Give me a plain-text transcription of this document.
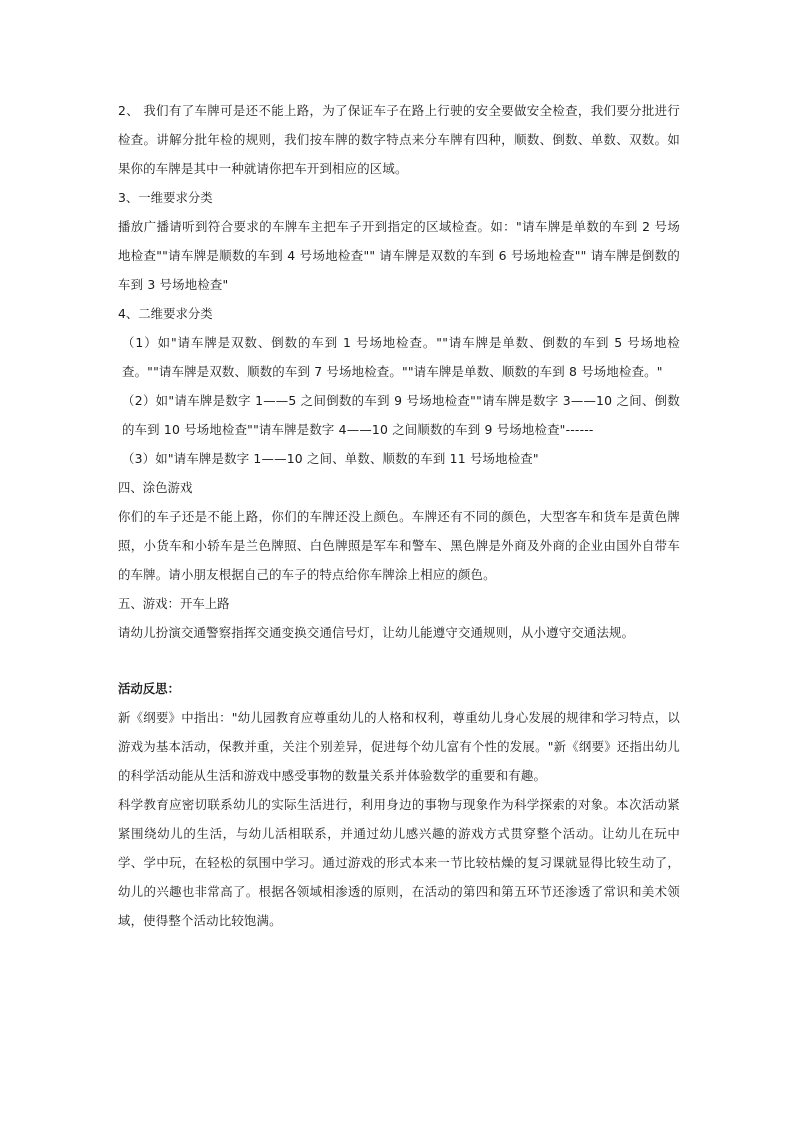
2、 我们有了车牌可是还不能上路，为了保证车子在路上行驶的安全要做安全检查，我们要分批进行检查。讲解分批年检的规则，我们按车牌的数字特点来分车牌有四种，顺数、倒数、单数、双数。如果你的车牌是其中一种就请你把车开到相应的区域。

3、一维要求分类

播放广播请听到符合要求的车牌车主把车子开到指定的区域检查。如："请车牌是单数的车到 2 号场地检查""请车牌是顺数的车到 4 号场地检查"" 请车牌是双数的车到 6 号场地检查"" 请车牌是倒数的车到 3 号场地检查"

4、二维要求分类

（1）如"请车牌是双数、倒数的车到 1 号场地检查。""请车牌是单数、倒数的车到 5 号场地检查。""请车牌是双数、顺数的车到 7 号场地检查。""请车牌是单数、顺数的车到 8 号场地检查。"

（2）如"请车牌是数字 1——5 之间倒数的车到 9 号场地检查""请车牌是数字 3——10 之间、倒数的车到 10 号场地检查""请车牌是数字 4——10 之间顺数的车到 9 号场地检查"------

（3）如"请车牌是数字 1——10 之间、单数、顺数的车到 11 号场地检查"

四、涂色游戏

你们的车子还是不能上路，你们的车牌还没上颜色。车牌还有不同的颜色，大型客车和货车是黄色牌照，小货车和小轿车是兰色牌照、白色牌照是军车和警车、黑色牌是外商及外商的企业由国外自带车的车牌。请小朋友根据自己的车子的特点给你车牌涂上相应的颜色。

五、游戏：开车上路

请幼儿扮演交通警察指挥交通变换交通信号灯，让幼儿能遵守交通规则，从小遵守交通法规。

活动反思：

新《纲要》中指出："幼儿园教育应尊重幼儿的人格和权利，尊重幼儿身心发展的规律和学习特点，以游戏为基本活动，保教并重，关注个别差异，促进每个幼儿富有个性的发展。"新《纲要》还指出幼儿的科学活动能从生活和游戏中感受事物的数量关系并体验数学的重要和有趣。

科学教育应密切联系幼儿的实际生活进行，利用身边的事物与现象作为科学探索的对象。本次活动紧紧围绕幼儿的生活，与幼儿活相联系，并通过幼儿感兴趣的游戏方式贯穿整个活动。让幼儿在玩中学、学中玩，在轻松的氛围中学习。通过游戏的形式本来一节比较枯燥的复习课就显得比较生动了，幼儿的兴趣也非常高了。根据各领域相渗透的原则，在活动的第四和第五环节还渗透了常识和美术领域，使得整个活动比较饱满。
